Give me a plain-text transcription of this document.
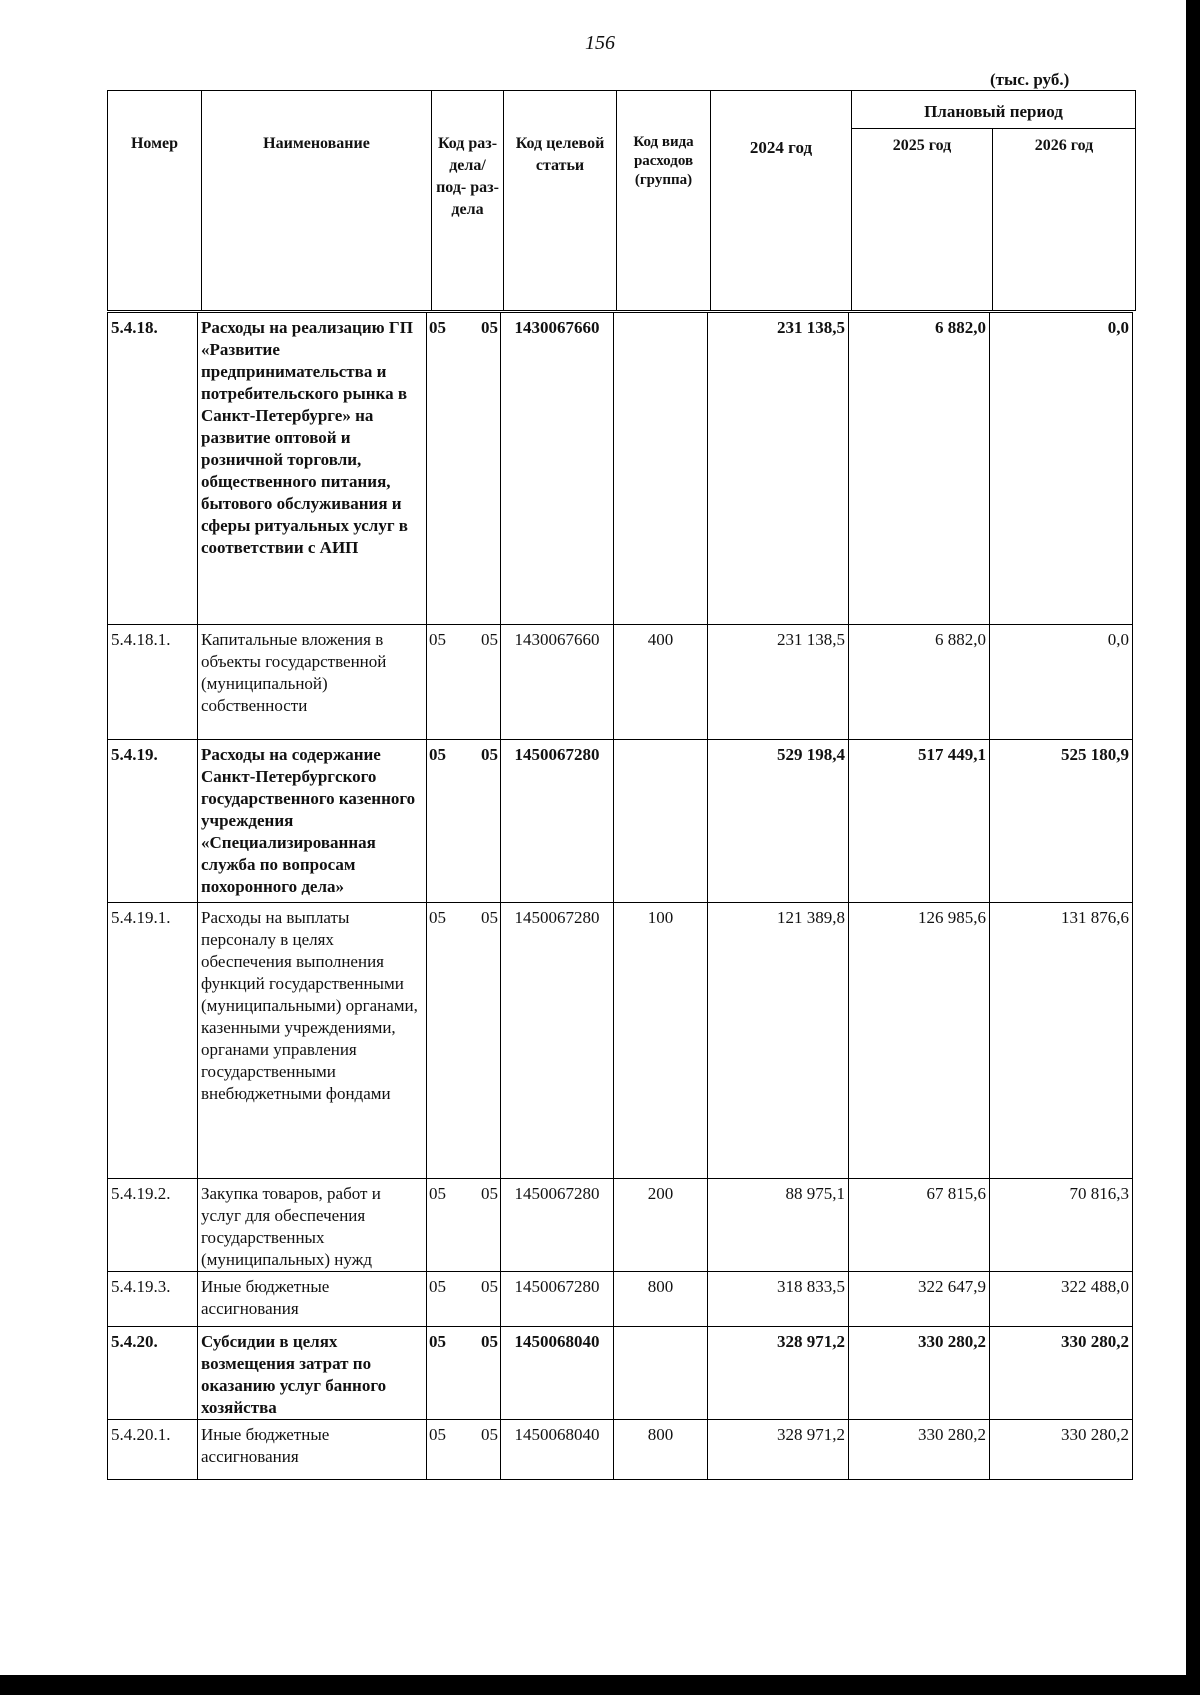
156
(тыс. руб.)
Номер	Наименование	Код раз- дела/ под- раз- дела	Код целевой статьи	Код вида расходов (группа)	2024 год	Плановый период	
						2025 год	2026 год
5.4.18.	Расходы на реализацию ГП «Развитие предпринимательства и потребительского рынка в Санкт-Петербурге» на развитие оптовой и розничной торговли, общественного питания, бытового обслуживания и сферы ритуальных услуг в соответствии с АИП	05 05	1430067660		231 138,5	6 882,0	0,0
5.4.18.1.	Капитальные вложения в объекты государственной (муниципальной) собственности	05 05	1430067660	400	231 138,5	6 882,0	0,0
5.4.19.	Расходы на содержание Санкт-Петербургского государственного казенного учреждения «Специализированная служба по вопросам похоронного дела»	05 05	1450067280		529 198,4	517 449,1	525 180,9
5.4.19.1.	Расходы на выплаты персоналу в целях обеспечения выполнения функций государственными (муниципальными) органами, казенными учреждениями, органами управления государственными внебюджетными фондами	05 05	1450067280	100	121 389,8	126 985,6	131 876,6
5.4.19.2.	Закупка товаров, работ и услуг для обеспечения государственных (муниципальных) нужд	05 05	1450067280	200	88 975,1	67 815,6	70 816,3
5.4.19.3.	Иные бюджетные ассигнования	05 05	1450067280	800	318 833,5	322 647,9	322 488,0
5.4.20.	Субсидии в целях возмещения затрат по оказанию услуг банного хозяйства	05 05	1450068040		328 971,2	330 280,2	330 280,2
5.4.20.1.	Иные бюджетные ассигнования	05 05	1450068040	800	328 971,2	330 280,2	330 280,2
